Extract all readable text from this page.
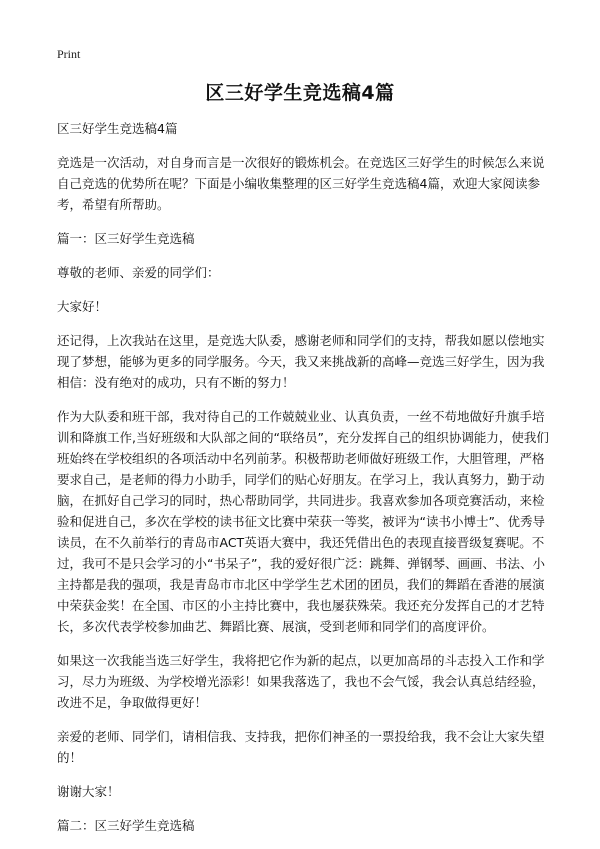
Print
区三好学生竞选稿4篇

区三好学生竞选稿4篇

竞选是一次活动，对自身而言是一次很好的锻炼机会。在竞选区三好学生的时候怎么来说自己竞选的优势所在呢？下面是小编收集整理的区三好学生竞选稿4篇，欢迎大家阅读参考，希望有所帮助。

篇一：区三好学生竞选稿

尊敬的老师、亲爱的同学们：

大家好！

还记得，上次我站在这里，是竞选大队委，感谢老师和同学们的支持，帮我如愿以偿地实现了梦想，能够为更多的同学服务。今天，我又来挑战新的高峰—竞选三好学生，因为我相信：没有绝对的成功，只有不断的努力！

作为大队委和班干部，我对待自己的工作兢兢业业、认真负责，一丝不苟地做好升旗手培训和降旗工作,当好班级和大队部之间的“联络员”，充分发挥自己的组织协调能力，使我们班始终在学校组织的各项活动中名列前茅。积极帮助老师做好班级工作，大胆管理，严格要求自己，是老师的得力小助手，同学们的贴心好朋友。在学习上，我认真努力，勤于动脑，在抓好自己学习的同时，热心帮助同学，共同进步。我喜欢参加各项竞赛活动，来检验和促进自己，多次在学校的读书征文比赛中荣获一等奖，被评为“读书小博士”、优秀导读员，在不久前举行的青岛市ACT英语大赛中，我还凭借出色的表现直接晋级复赛呢。不过，我可不是只会学习的小“书呆子”，我的爱好很广泛：跳舞、弹钢琴、画画、书法、小主持都是我的强项，我是青岛市市北区中学学生艺术团的团员，我们的舞蹈在香港的展演中荣获金奖！在全国、市区的小主持比赛中，我也屡获殊荣。我还充分发挥自己的才艺特长，多次代表学校参加曲艺、舞蹈比赛、展演，受到老师和同学们的高度评价。

如果这一次我能当选三好学生，我将把它作为新的起点，以更加高昂的斗志投入工作和学习，尽力为班级、为学校增光添彩！如果我落选了，我也不会气馁，我会认真总结经验，改进不足，争取做得更好！

亲爱的老师、同学们，请相信我、支持我，把你们神圣的一票投给我，我不会让大家失望的！

谢谢大家！

篇二：区三好学生竞选稿
